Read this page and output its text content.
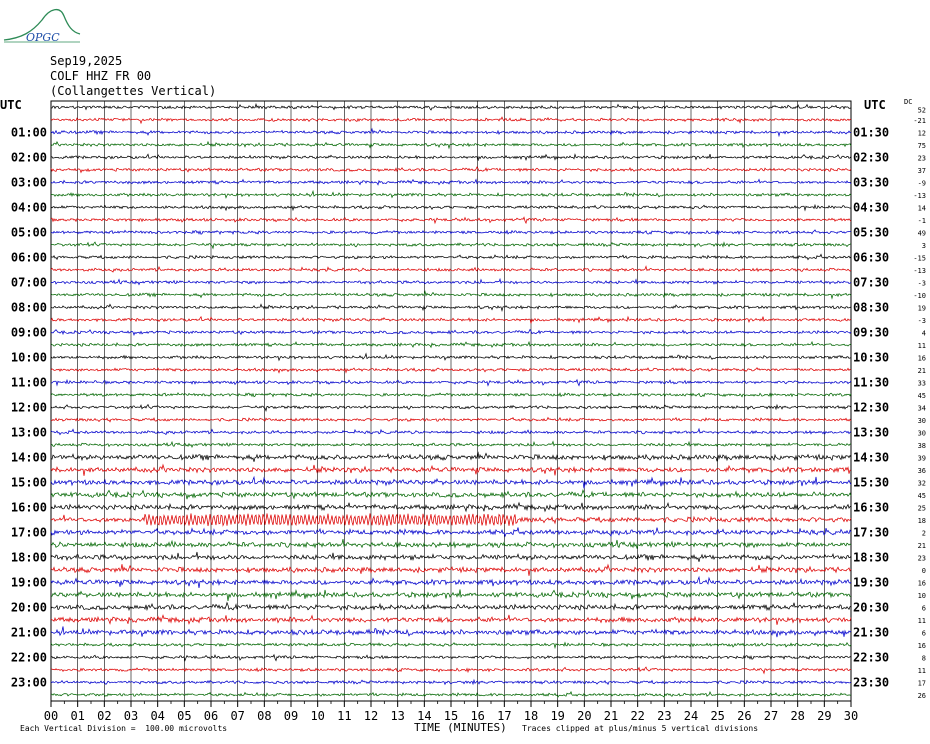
OPGC
Sep19,2025
COLF HHZ FR 00
(Collangettes Vertical)
00 01 02 03 04 05 06 07 08 09 10 11 12 13 14 15 16 17 18 19 20 21 22 23 24 25 26 27 28 29 30
UTC	UTC	DC
01:00
02:00
03:00
04:00
05:00
06:00
07:00
08:00
09:00
10:00
11:00
12:00
13:00
14:00
15:00
16:00
17:00
18:00
19:00
20:00
21:00
22:00
23:00
01:30
02:30
03:30
04:30
05:30
06:30
07:30
08:30
09:30
10:30
11:30
12:30
13:30
14:30
15:30
16:30
17:30
18:30
19:30
20:30
21:30
22:30
23:30
52
-21
12
75
23
37
-9
-13
14
-1
49
3
-15
-13
-3
-10
19
-3
4
11
16
21
33
45
34
30
30
38
39
36
32
45
25
18
2
21
23
0
16
10
6
11
6
16
8
11
17
26
Each Vertical Division =  100.00 microvolts	TIME (MINUTES) Traces clipped at plus/minus 5 vertical divisions
